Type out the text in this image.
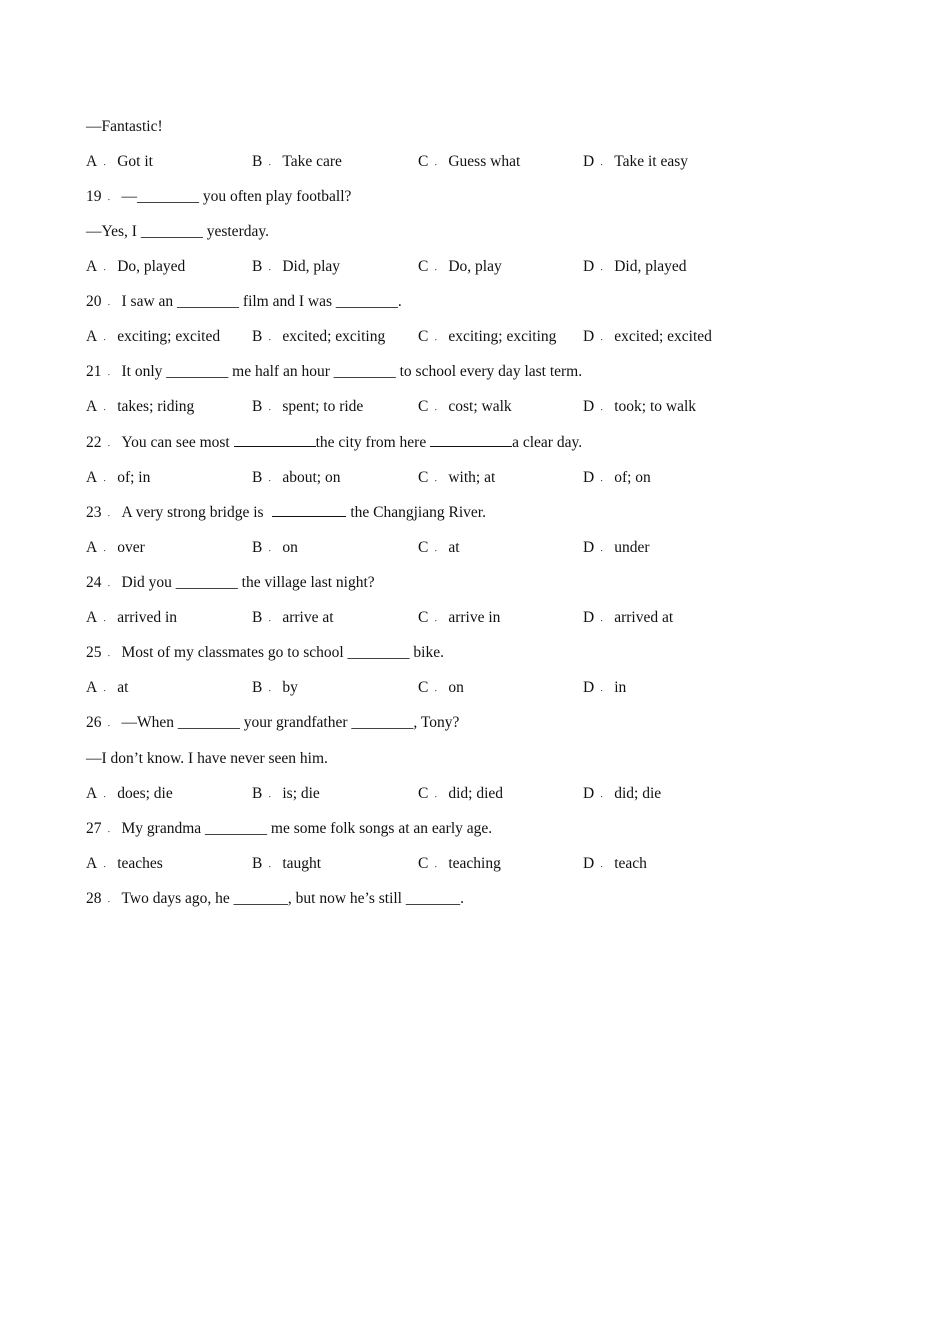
—Fantastic!
A ． Got it	B ． Take care	C ． Guess what	D ． Take it easy
19 ． —________ you often play football?
—Yes, I ________ yesterday.
A ． Do, played	B ． Did, play	C ． Do, play	D ． Did, played
20 ． I saw an ________ film and I was ________.
A ． exciting; excited B ． excited; exciting C ． exciting; exciting D ． excited; excited
21 ． It only ________ me half an hour ________ to school every day last term.
A ． takes; riding	B ． spent; to ride	C ． cost; walk	D ． took; to walk
22 ． You can see most	the city from here	a clear day.
A ． of; in	B ． about; on	C ． with; at	D ． of; on
23 ． A very strong bridge is	the Changjiang River.
A ． over	B ． on	C ． at	D ． under
24 ． Did you ________ the village last night?
A ． arrived in	B ． arrive at	C ． arrive in	D ． arrived at
25 ． Most of my classmates go to school ________ bike.
A ． at	B ． by	C ． on	D ． in
26 ． —When ________ your grandfather ________, Tony?
—I don’t know. I have never seen him.
A ． does; die	B ． is; die	C ． did; died	D ． did; die
27 ． My grandma ________ me some folk songs at an early age.
A ． teaches	B ． taught	C ． teaching	D ． teach
28 ． Two days ago, he _______, but now he’s still _______.
